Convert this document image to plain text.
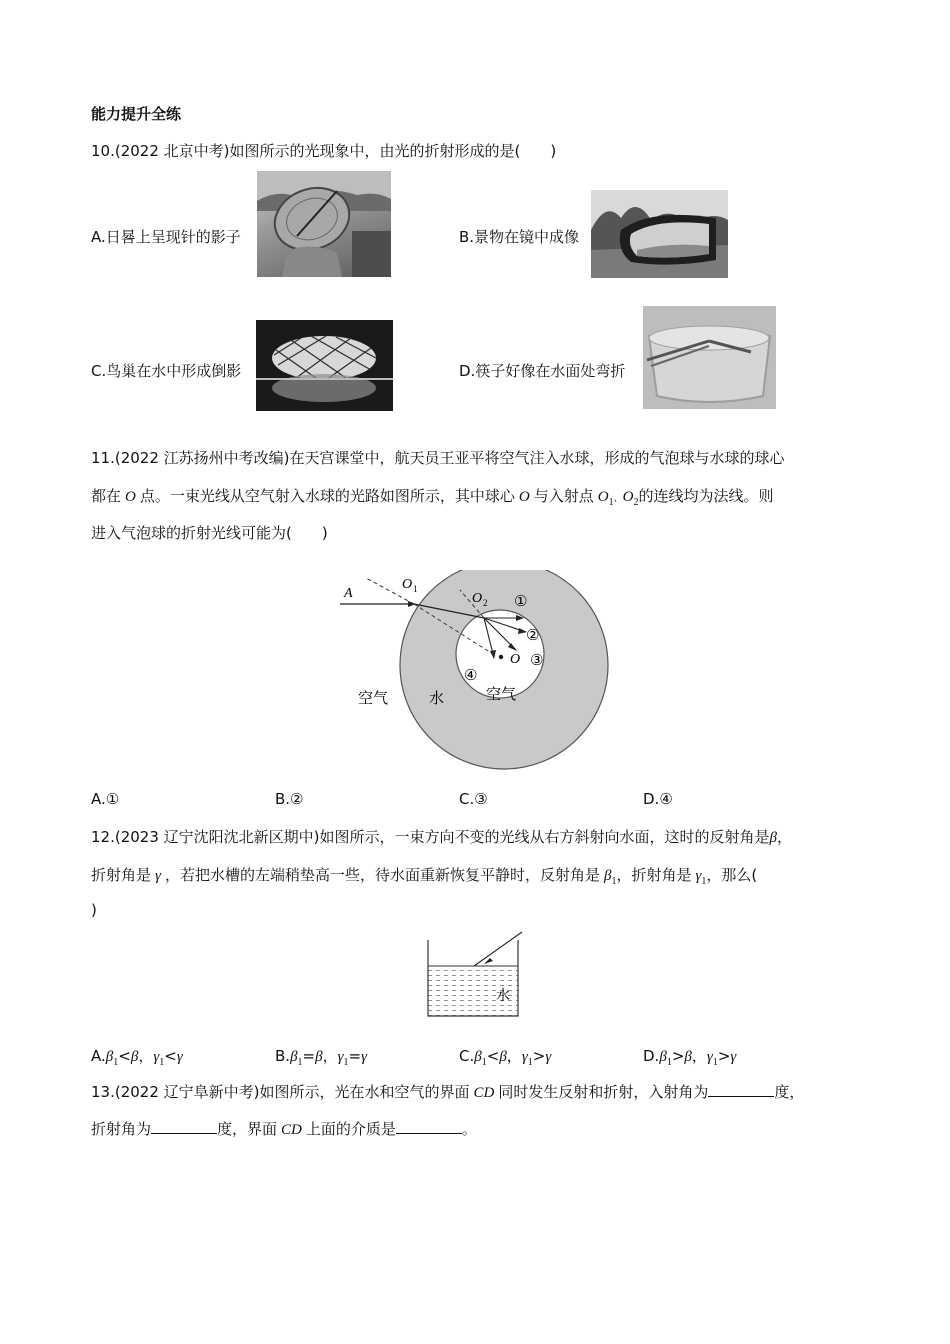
能力提升全练
10.(2022 北京中考)如图所示的光现象中，由光的折射形成的是(　　)
A.日晷上呈现针的影子	B.景物在镜中成像
C.鸟巢在水中形成倒影	D.筷子好像在水面处弯折
11.(2022 江苏扬州中考改编)在天宫课堂中，航天员王亚平将空气注入水球，形成的气泡球与水球的球心
都在 O 点。一束光线从空气射入水球的光路如图所示，其中球心 O 与入射点 $O_1$、$O_2$的连线均为法线。则
进入气泡球的折射光线可能为(　　)
A
O 1
O 2
O
①
②
③
④
空气	水	空气
A.①	B.②	C.③	D.④
12.(2023 辽宁沈阳沈北新区期中)如图所示，一束方向不变的光线从右方斜射向水面，这时的反射角是β，
折射角是 γ ，若把水槽的左端稍垫高一些，待水面重新恢复平静时，反射角是 $\beta_1$，折射角是 $\gamma_1$，那么(
)
水
$A.\beta_1<\beta$，$\gamma_1<\gamma$	$B.\beta_1=\beta$，$\gamma_1=\gamma$	$C.\beta_1<\beta$，$\gamma_1>\gamma$	$D.\beta_1>\beta$，$\gamma_1>\gamma$
13.(2022 辽宁阜新中考)如图所示，光在水和空气的界面 CD 同时发生反射和折射，入射角为	度，
折射角为	度，界面 CD 上面的介质是	。
